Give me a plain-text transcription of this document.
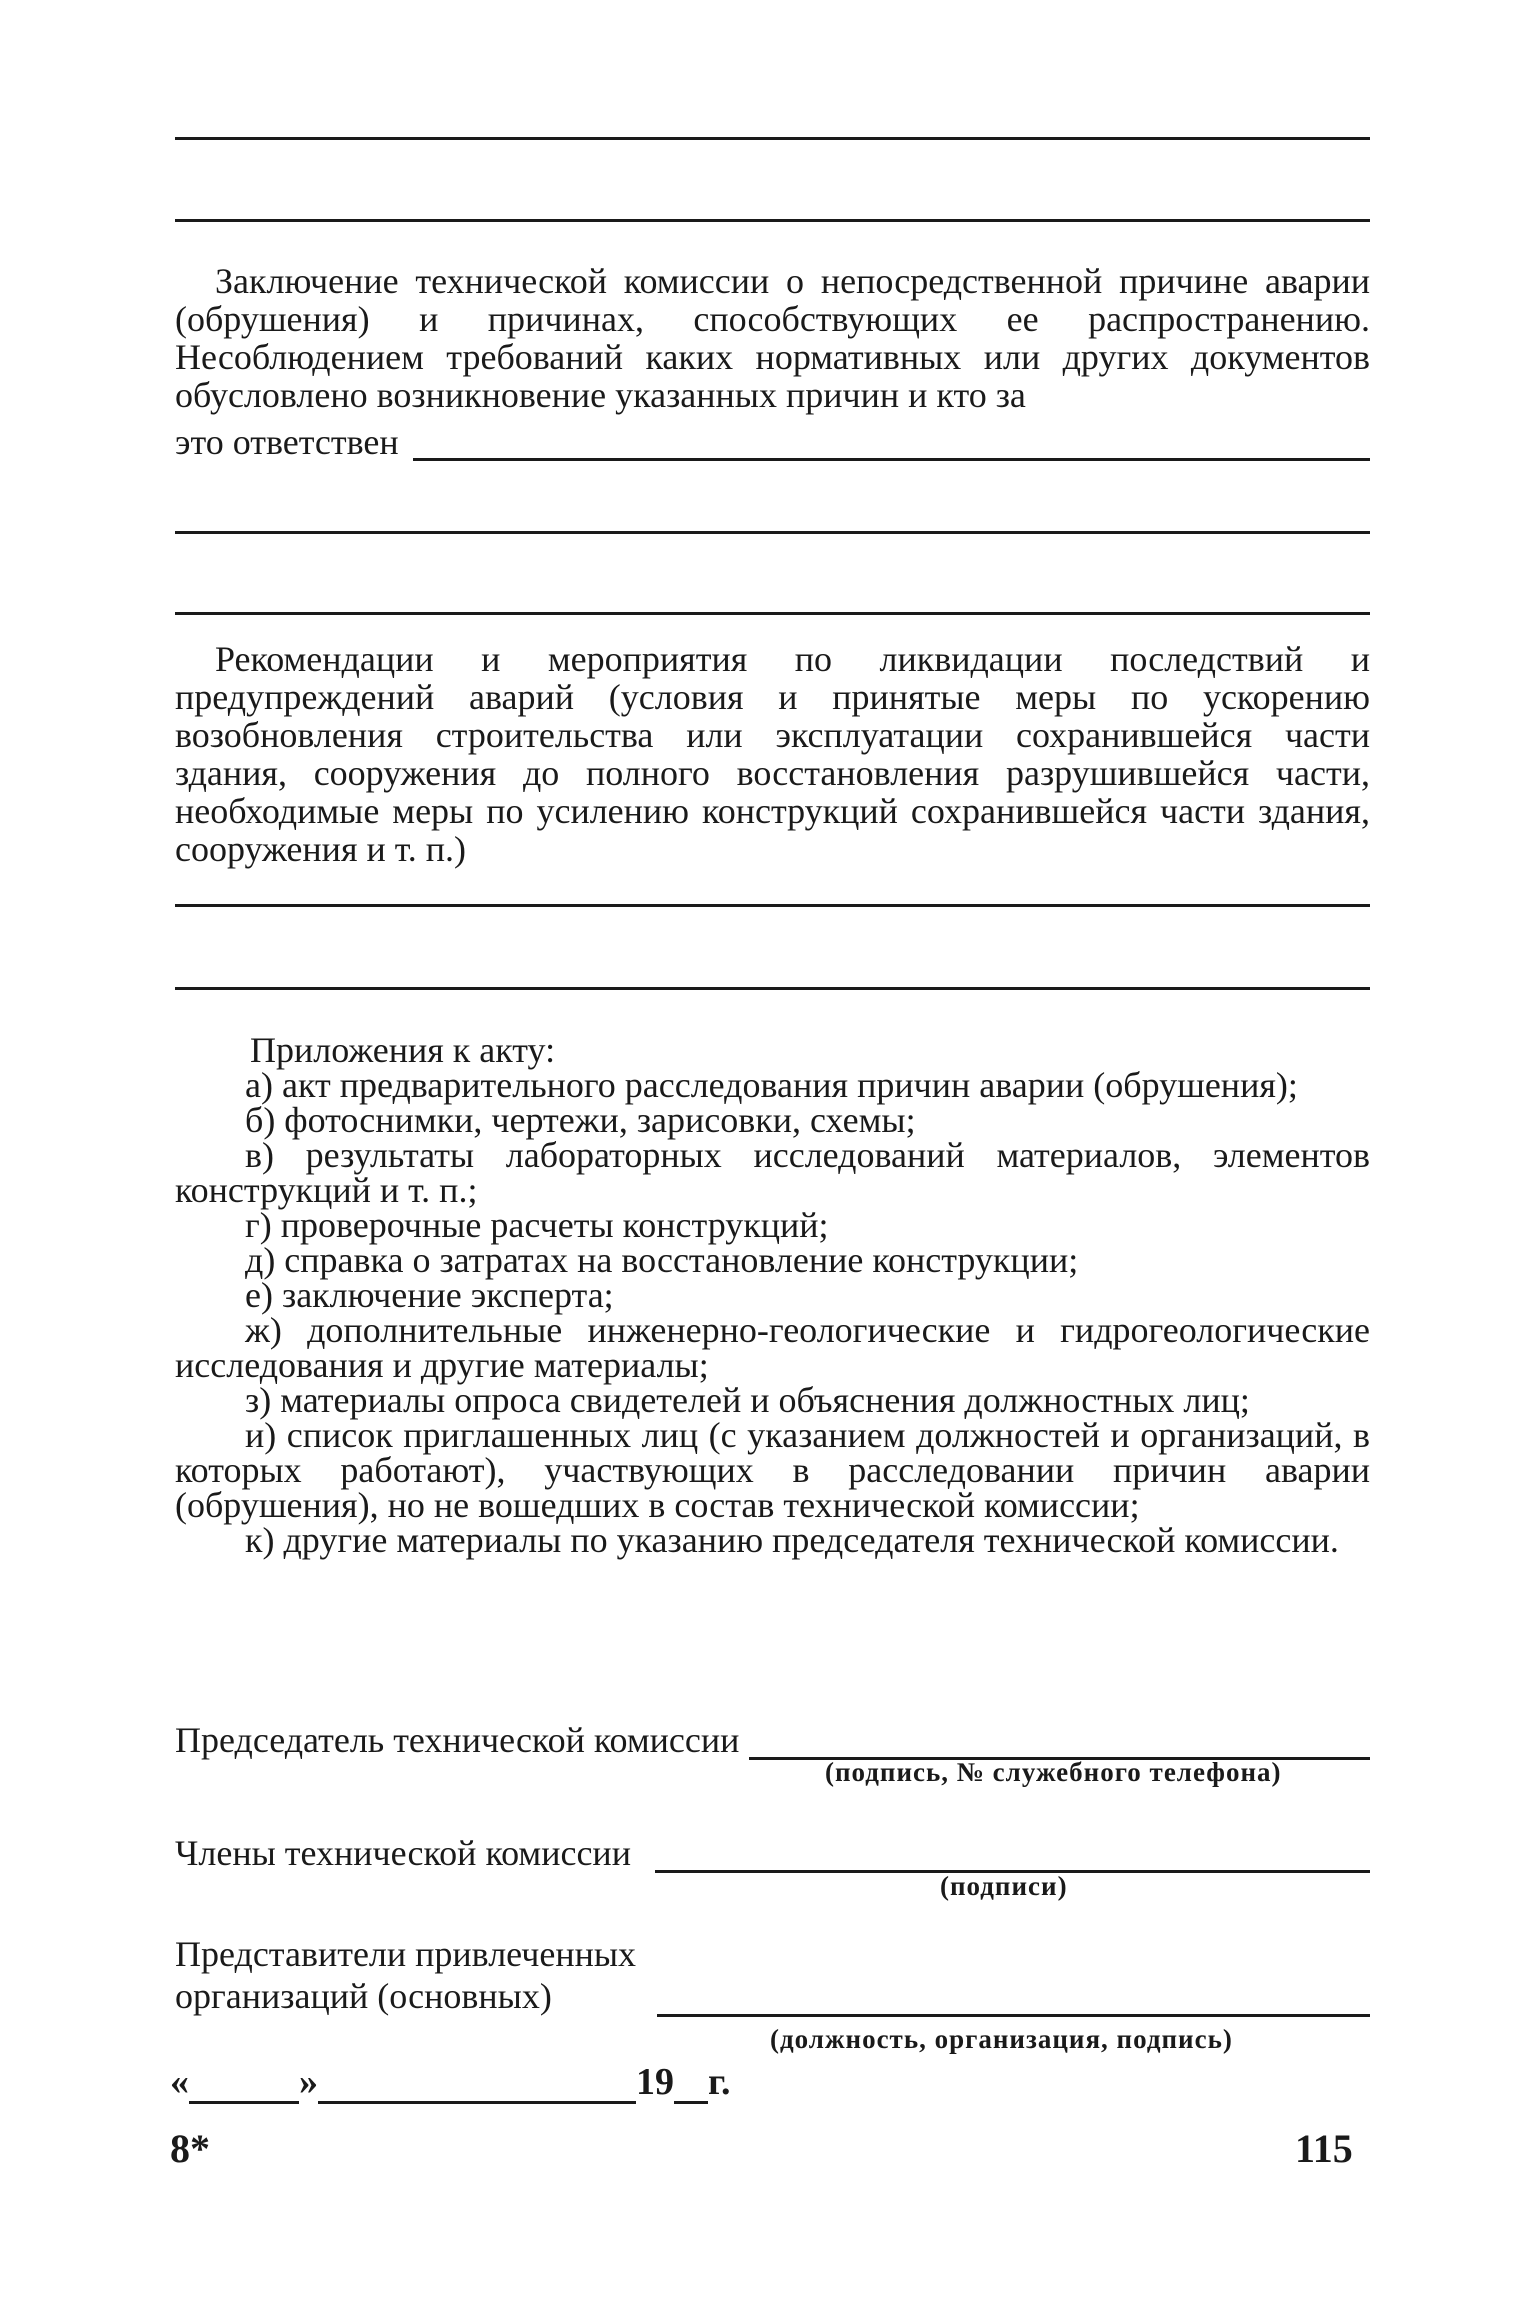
Заключение технической комиссии о непосредственной причине аварии (обрушения) и причинах, способствующих ее распространению. Несоблюдением требований каких нормативных или других документов обусловлено возникновение указанных причин и кто за

это ответствен

Рекомендации и мероприятия по ликвидации последствий и предупреждений аварий (условия и принятые меры по ускорению возобновления строительства или эксплуатации сохранившейся части здания, сооружения до полного восстановления разрушившейся части, необходимые меры по усилению конструкций сохранившейся части здания, сооружения и т. п.)

Приложения к акту:
а) акт предварительного расследования причин аварии (обрушения);
б) фотоснимки, чертежи, зарисовки, схемы;
в) результаты лабораторных исследований материалов, элементов конструкций и т. п.;
г) проверочные расчеты конструкций;
д) справка о затратах на восстановление конструкции;
е) заключение эксперта;
ж) дополнительные инженерно-геологические и гидрогеологические исследования и другие материалы;
з) материалы опроса свидетелей и объяснения должностных лиц;
и) список приглашенных лиц (с указанием должностей и организаций, в которых работают), участвующих в расследовании причин аварии (обрушения), но не вошедших в состав технической комиссии;
к) другие материалы по указанию председателя технической комиссии.
Председатель технической комиссии
(подпись, № служебного телефона)
Члены технической комиссии
(подписи)
Представители привлеченных
организаций (основных)
(должность, организация, подпись)
«	»	19 г.
8*	115
